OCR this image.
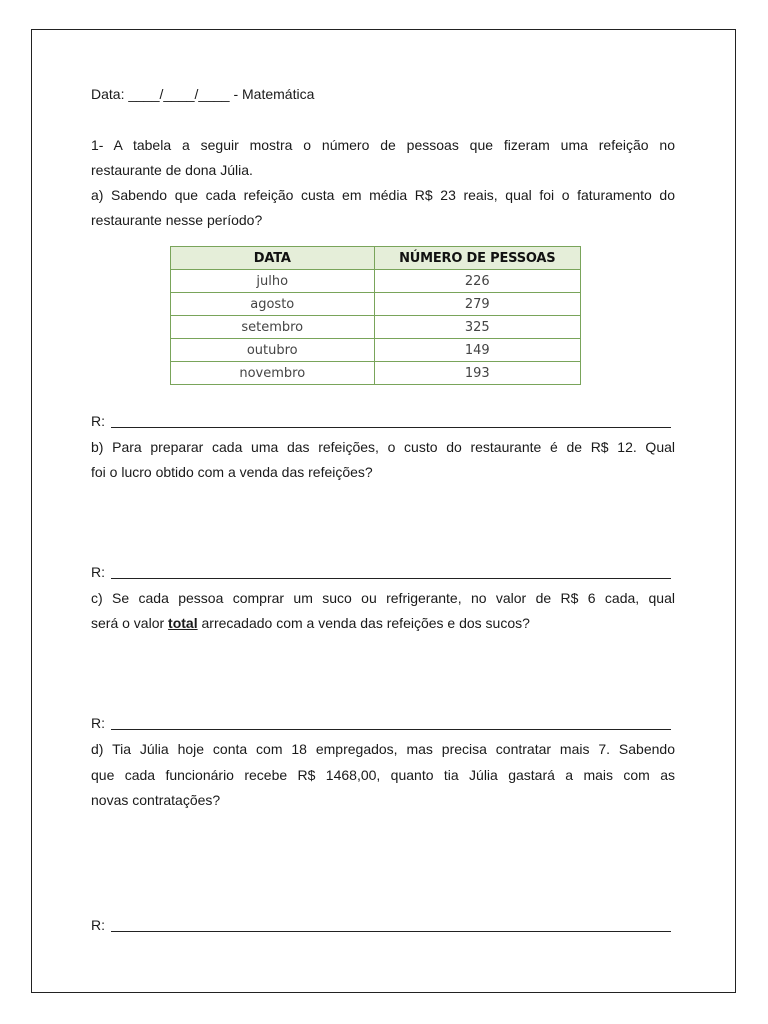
Data: ____/____/____ - Matemática
1- A tabela a seguir mostra o número de pessoas que fizeram uma refeição no
restaurante de dona Júlia.
a) Sabendo que cada refeição custa em média R$ 23 reais, qual foi o faturamento do
restaurante nesse período?
DATA	NÚMERO DE PESSOAS
julho	226
agosto	279
setembro	325
outubro	149
novembro	193
R:
b) Para preparar cada uma das refeições, o custo do restaurante é de R$ 12. Qual
foi o lucro obtido com a venda das refeições?
R:
c) Se cada pessoa comprar um suco ou refrigerante, no valor de R$ 6 cada, qual
será o valor total arrecadado com a venda das refeições e dos sucos?
R:
d) Tia Júlia hoje conta com 18 empregados, mas precisa contratar mais 7. Sabendo
que cada funcionário recebe R$ 1468,00, quanto tia Júlia gastará a mais com as
novas contratações?
R:
